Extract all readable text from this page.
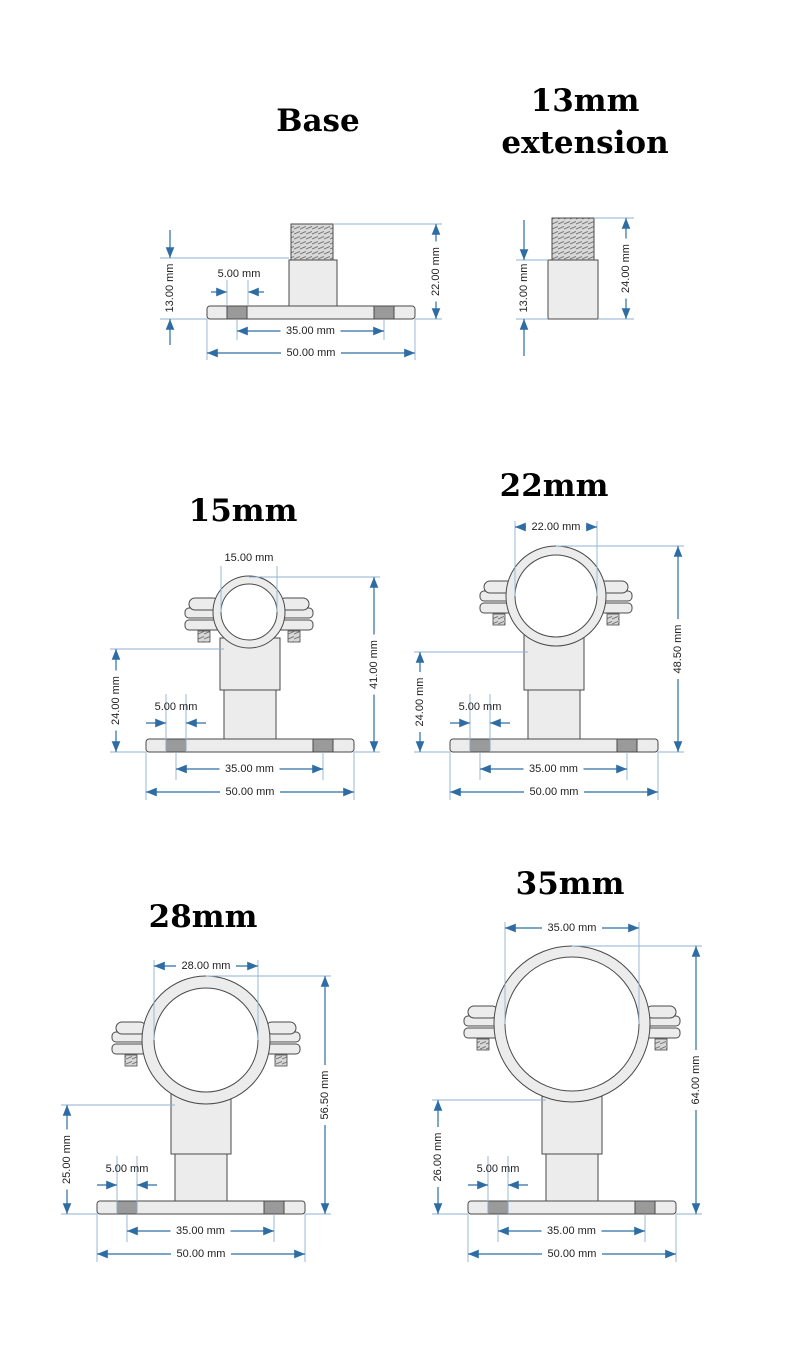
Base
13mm
extension
15mm
22mm
28mm
35mm
13.00 mm	5.00 mm	22.00 mm
35.00 mm
50.00 mm
13.00 mm	24.00 mm
5.00 mm
35.00 mm
50.00 mm
15.00 mm
41.00 mm
24.00 mm	5.00 mm
35.00 mm
50.00 mm
22.00 mm
48.50 mm
24.00 mm
5.00 mm
35.00 mm
50.00 mm
28.00 mm
56.50 mm
25.00 mm	5.00 mm
35.00 mm
50.00 mm
35.00 mm
64.00 mm
26.00 mm
